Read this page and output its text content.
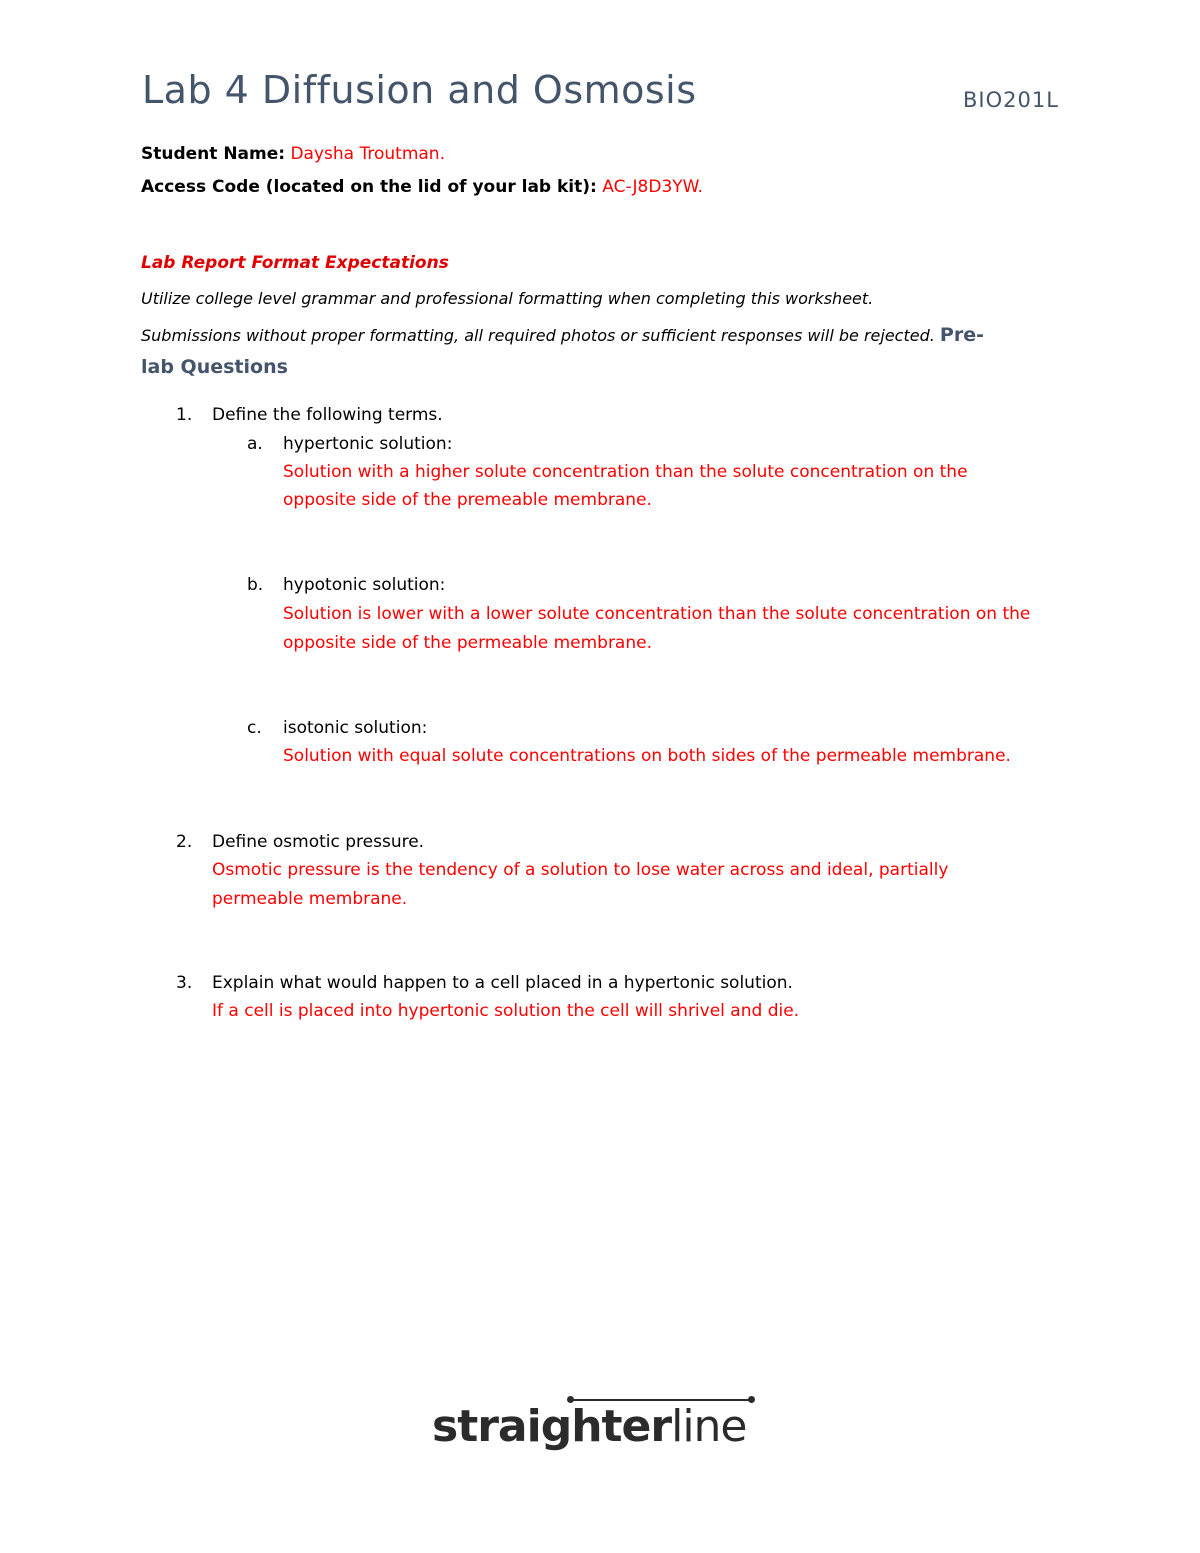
Lab 4 Diffusion and Osmosis	BIO201L
Student Name: Daysha Troutman.
Access Code (located on the lid of your lab kit): AC-J8D3YW.
Lab Report Format Expectations
Utilize college level grammar and professional formatting when completing this worksheet.
Submissions without proper formatting, all required photos or sufficient responses will be rejected. Pre-
lab Questions
1. Define the following terms.
a. hypertonic solution:
Solution with a higher solute concentration than the solute concentration on the
opposite side of the premeable membrane.
b. hypotonic solution:
Solution is lower with a lower solute concentration than the solute concentration on the
opposite side of the permeable membrane.
c. isotonic solution:
Solution with equal solute concentrations on both sides of the permeable membrane.
2. Define osmotic pressure.
Osmotic pressure is the tendency of a solution to lose water across and ideal, partially
permeable membrane.
3. Explain what would happen to a cell placed in a hypertonic solution.
If a cell is placed into hypertonic solution the cell will shrivel and die.
straighterline
